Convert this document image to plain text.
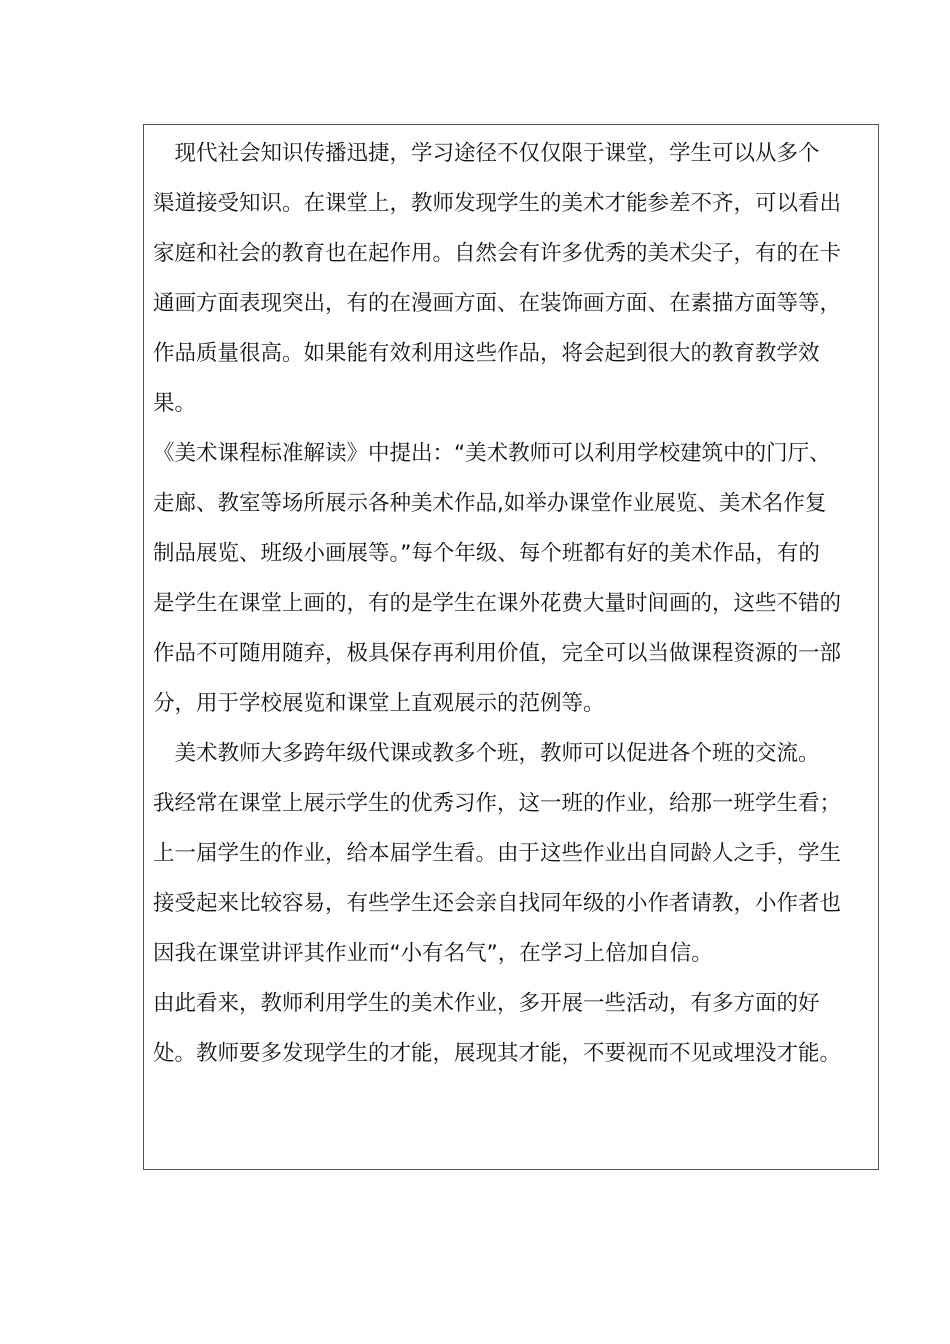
　现代社会知识传播迅捷，学习途径不仅仅限于课堂，学生可以从多个
渠道接受知识。在课堂上，教师发现学生的美术才能参差不齐，可以看出
家庭和社会的教育也在起作用。自然会有许多优秀的美术尖子，有的在卡
通画方面表现突出，有的在漫画方面、在装饰画方面、在素描方面等等，
作品质量很高。如果能有效利用这些作品，将会起到很大的教育教学效
果。
《美术课程标准解读》中提出：“美术教师可以利用学校建筑中的门厅、
走廊、教室等场所展示各种美术作品,如举办课堂作业展览、美术名作复
制品展览、班级小画展等。”每个年级、每个班都有好的美术作品，有的
是学生在课堂上画的，有的是学生在课外花费大量时间画的，这些不错的
作品不可随用随弃，极具保存再利用价值，完全可以当做课程资源的一部
分，用于学校展览和课堂上直观展示的范例等。
　美术教师大多跨年级代课或教多个班，教师可以促进各个班的交流。
我经常在课堂上展示学生的优秀习作，这一班的作业，给那一班学生看；
上一届学生的作业，给本届学生看。由于这些作业出自同龄人之手，学生
接受起来比较容易，有些学生还会亲自找同年级的小作者请教，小作者也
因我在课堂讲评其作业而“小有名气”，在学习上倍加自信。
由此看来，教师利用学生的美术作业，多开展一些活动，有多方面的好
处。教师要多发现学生的才能，展现其才能，不要视而不见或埋没才能。
